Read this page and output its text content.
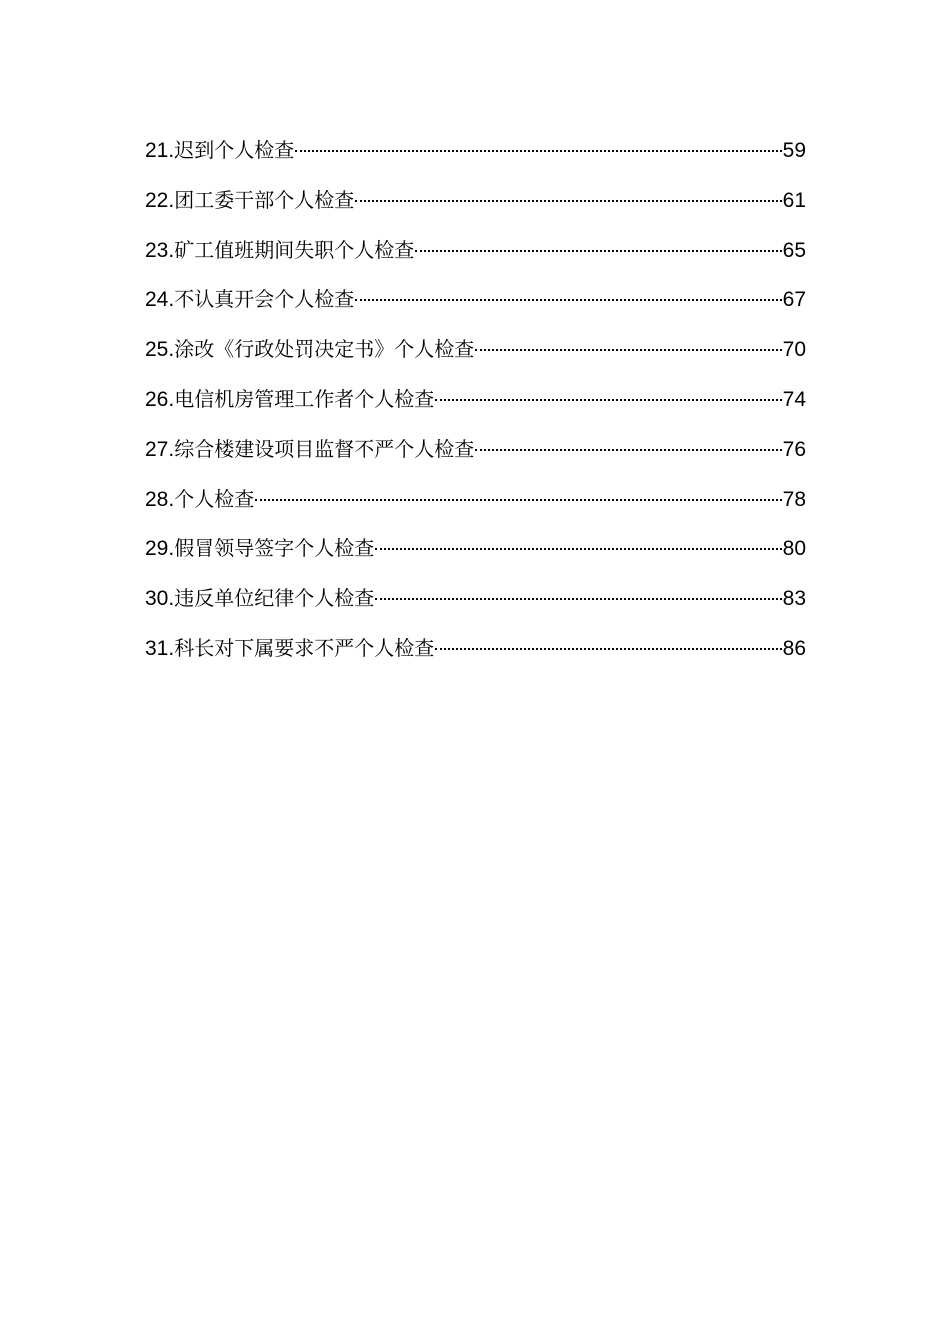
21. 迟到个人检查	59
22. 团工委干部个人检查	61
23. 矿工值班期间失职个人检查	65
24. 不认真开会个人检查	67
25. 涂改《行政处罚决定书》个人检查	70
26. 电信机房管理工作者个人检查	74
27. 综合楼建设项目监督不严个人检查	76
28. 个人检查	78
29. 假冒领导签字个人检查	80
30. 违反单位纪律个人检查	83
31. 科长对下属要求不严个人检查	86
